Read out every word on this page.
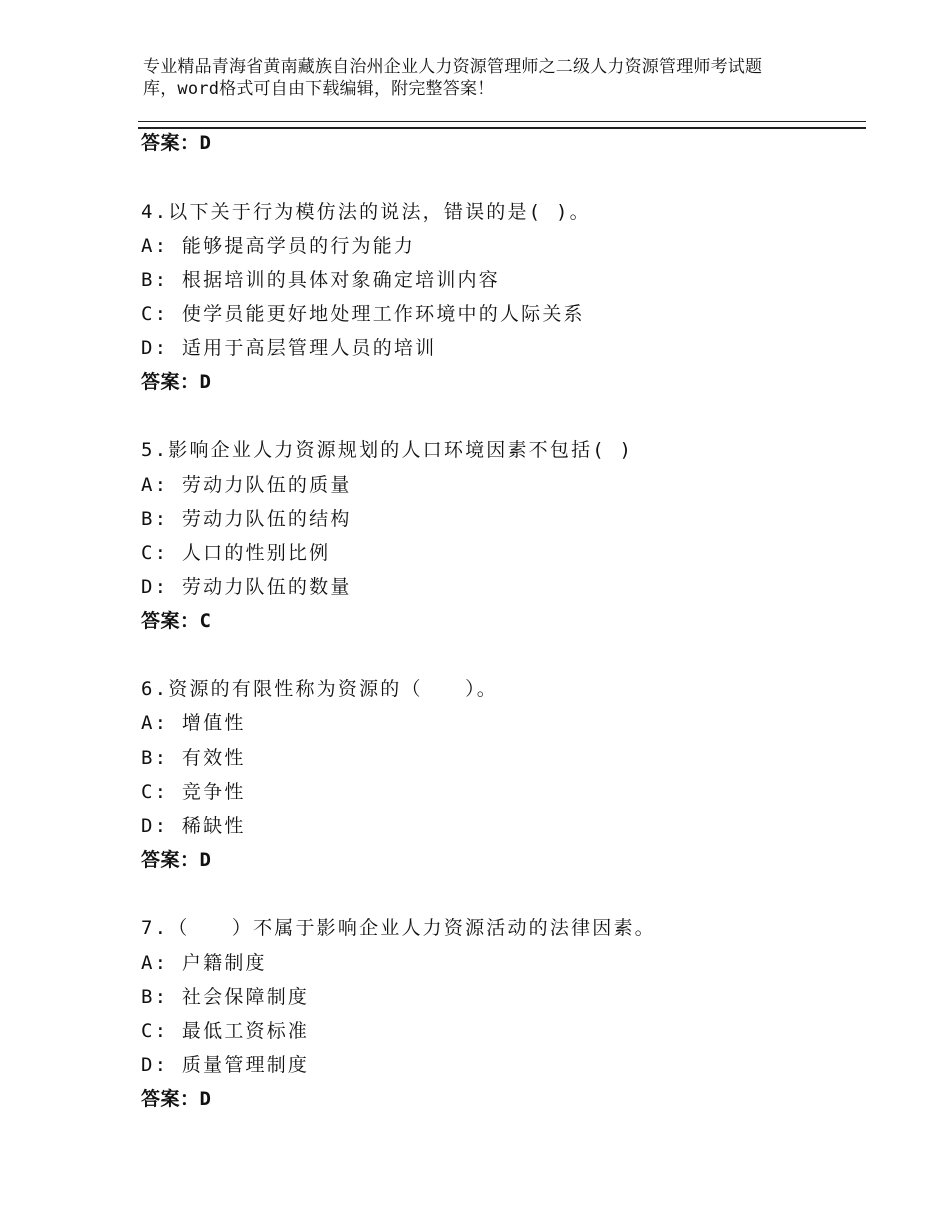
专业精品青海省黄南藏族自治州企业人力资源管理师之二级人力资源管理师考试题
库，word格式可自由下载编辑，附完整答案！
答案：D
4.以下关于行为模仿法的说法，错误的是( )。
A: 能够提高学员的行为能力
B: 根据培训的具体对象确定培训内容
C: 使学员能更好地处理工作环境中的人际关系
D: 适用于高层管理人员的培训
答案：D
5.影响企业人力资源规划的人口环境因素不包括( )
A: 劳动力队伍的质量
B: 劳动力队伍的结构
C: 人口的性别比例
D: 劳动力队伍的数量
答案：C
6.资源的有限性称为资源的（　　）。
A: 增值性
B: 有效性
C: 竞争性
D: 稀缺性
答案：D
7.（　　）不属于影响企业人力资源活动的法律因素。
A: 户籍制度
B: 社会保障制度
C: 最低工资标准
D: 质量管理制度
答案：D
